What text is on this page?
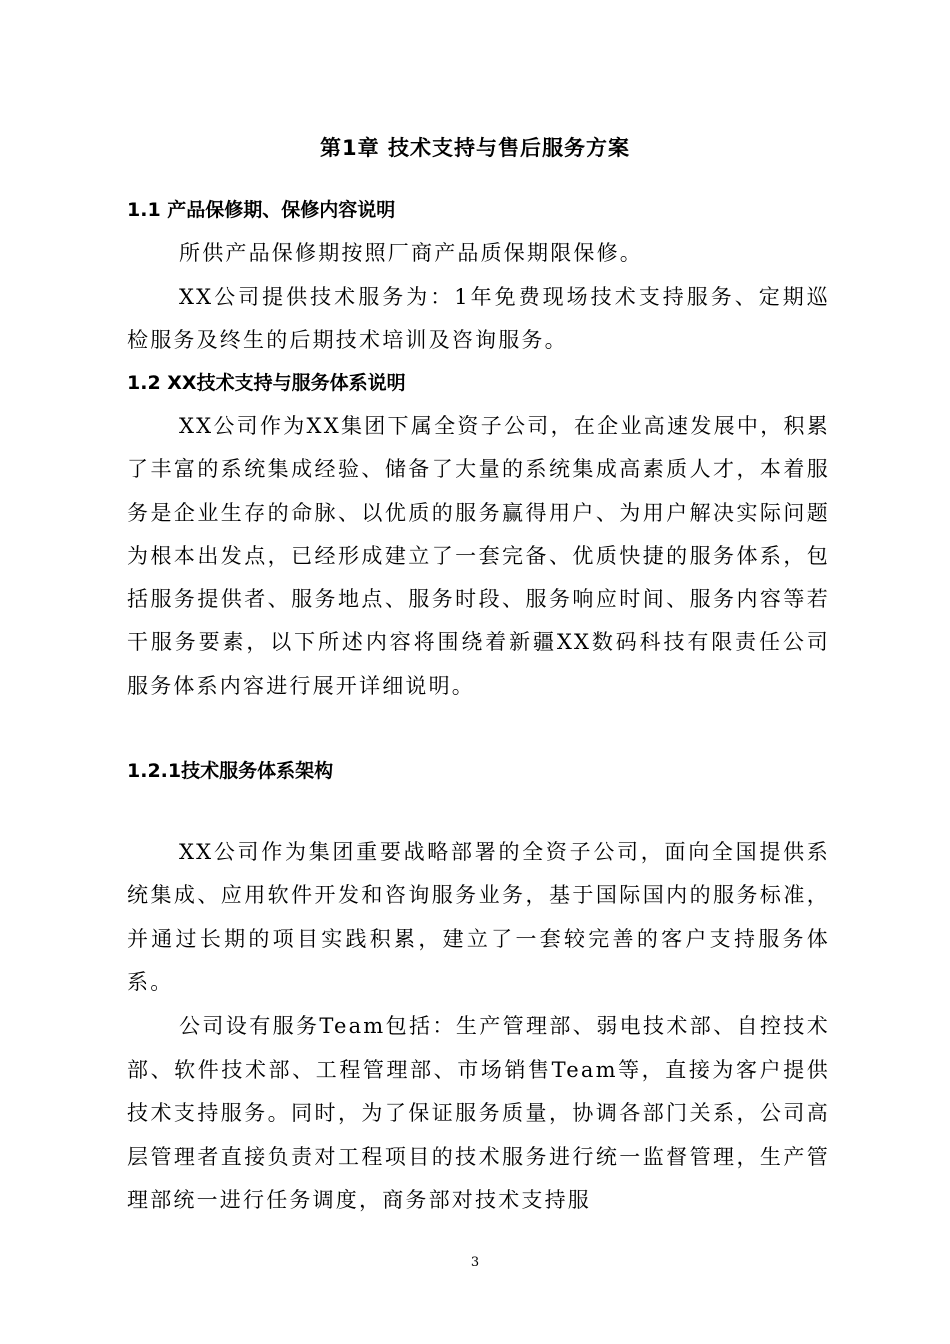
第1章 技术支持与售后服务方案
1.1 产品保修期、保修内容说明

所供产品保修期按照厂商产品质保期限保修。

XX公司提供技术服务为：1年免费现场技术支持服务、定期巡检服务及终生的后期技术培训及咨询服务。

1.2 XX技术支持与服务体系说明

XX公司作为XX集团下属全资子公司，在企业高速发展中，积累了丰富的系统集成经验、储备了大量的系统集成高素质人才，本着服务是企业生存的命脉、以优质的服务赢得用户、为用户解决实际问题为根本出发点，已经形成建立了一套完备、优质快捷的服务体系，包括服务提供者、服务地点、服务时段、服务响应时间、服务内容等若干服务要素，以下所述内容将围绕着新疆XX数码科技有限责任公司服务体系内容进行展开详细说明。

1.2.1技术服务体系架构

XX公司作为集团重要战略部署的全资子公司，面向全国提供系统集成、应用软件开发和咨询服务业务，基于国际国内的服务标准，并通过长期的项目实践积累，建立了一套较完善的客户支持服务体系。

公司设有服务Team包括：生产管理部、弱电技术部、自控技术部、软件技术部、工程管理部、市场销售Team等，直接为客户提供技术支持服务。同时，为了保证服务质量，协调各部门关系，公司高层管理者直接负责对工程项目的技术服务进行统一监督管理，生产管理部统一进行任务调度，商务部对技术支持服

3
